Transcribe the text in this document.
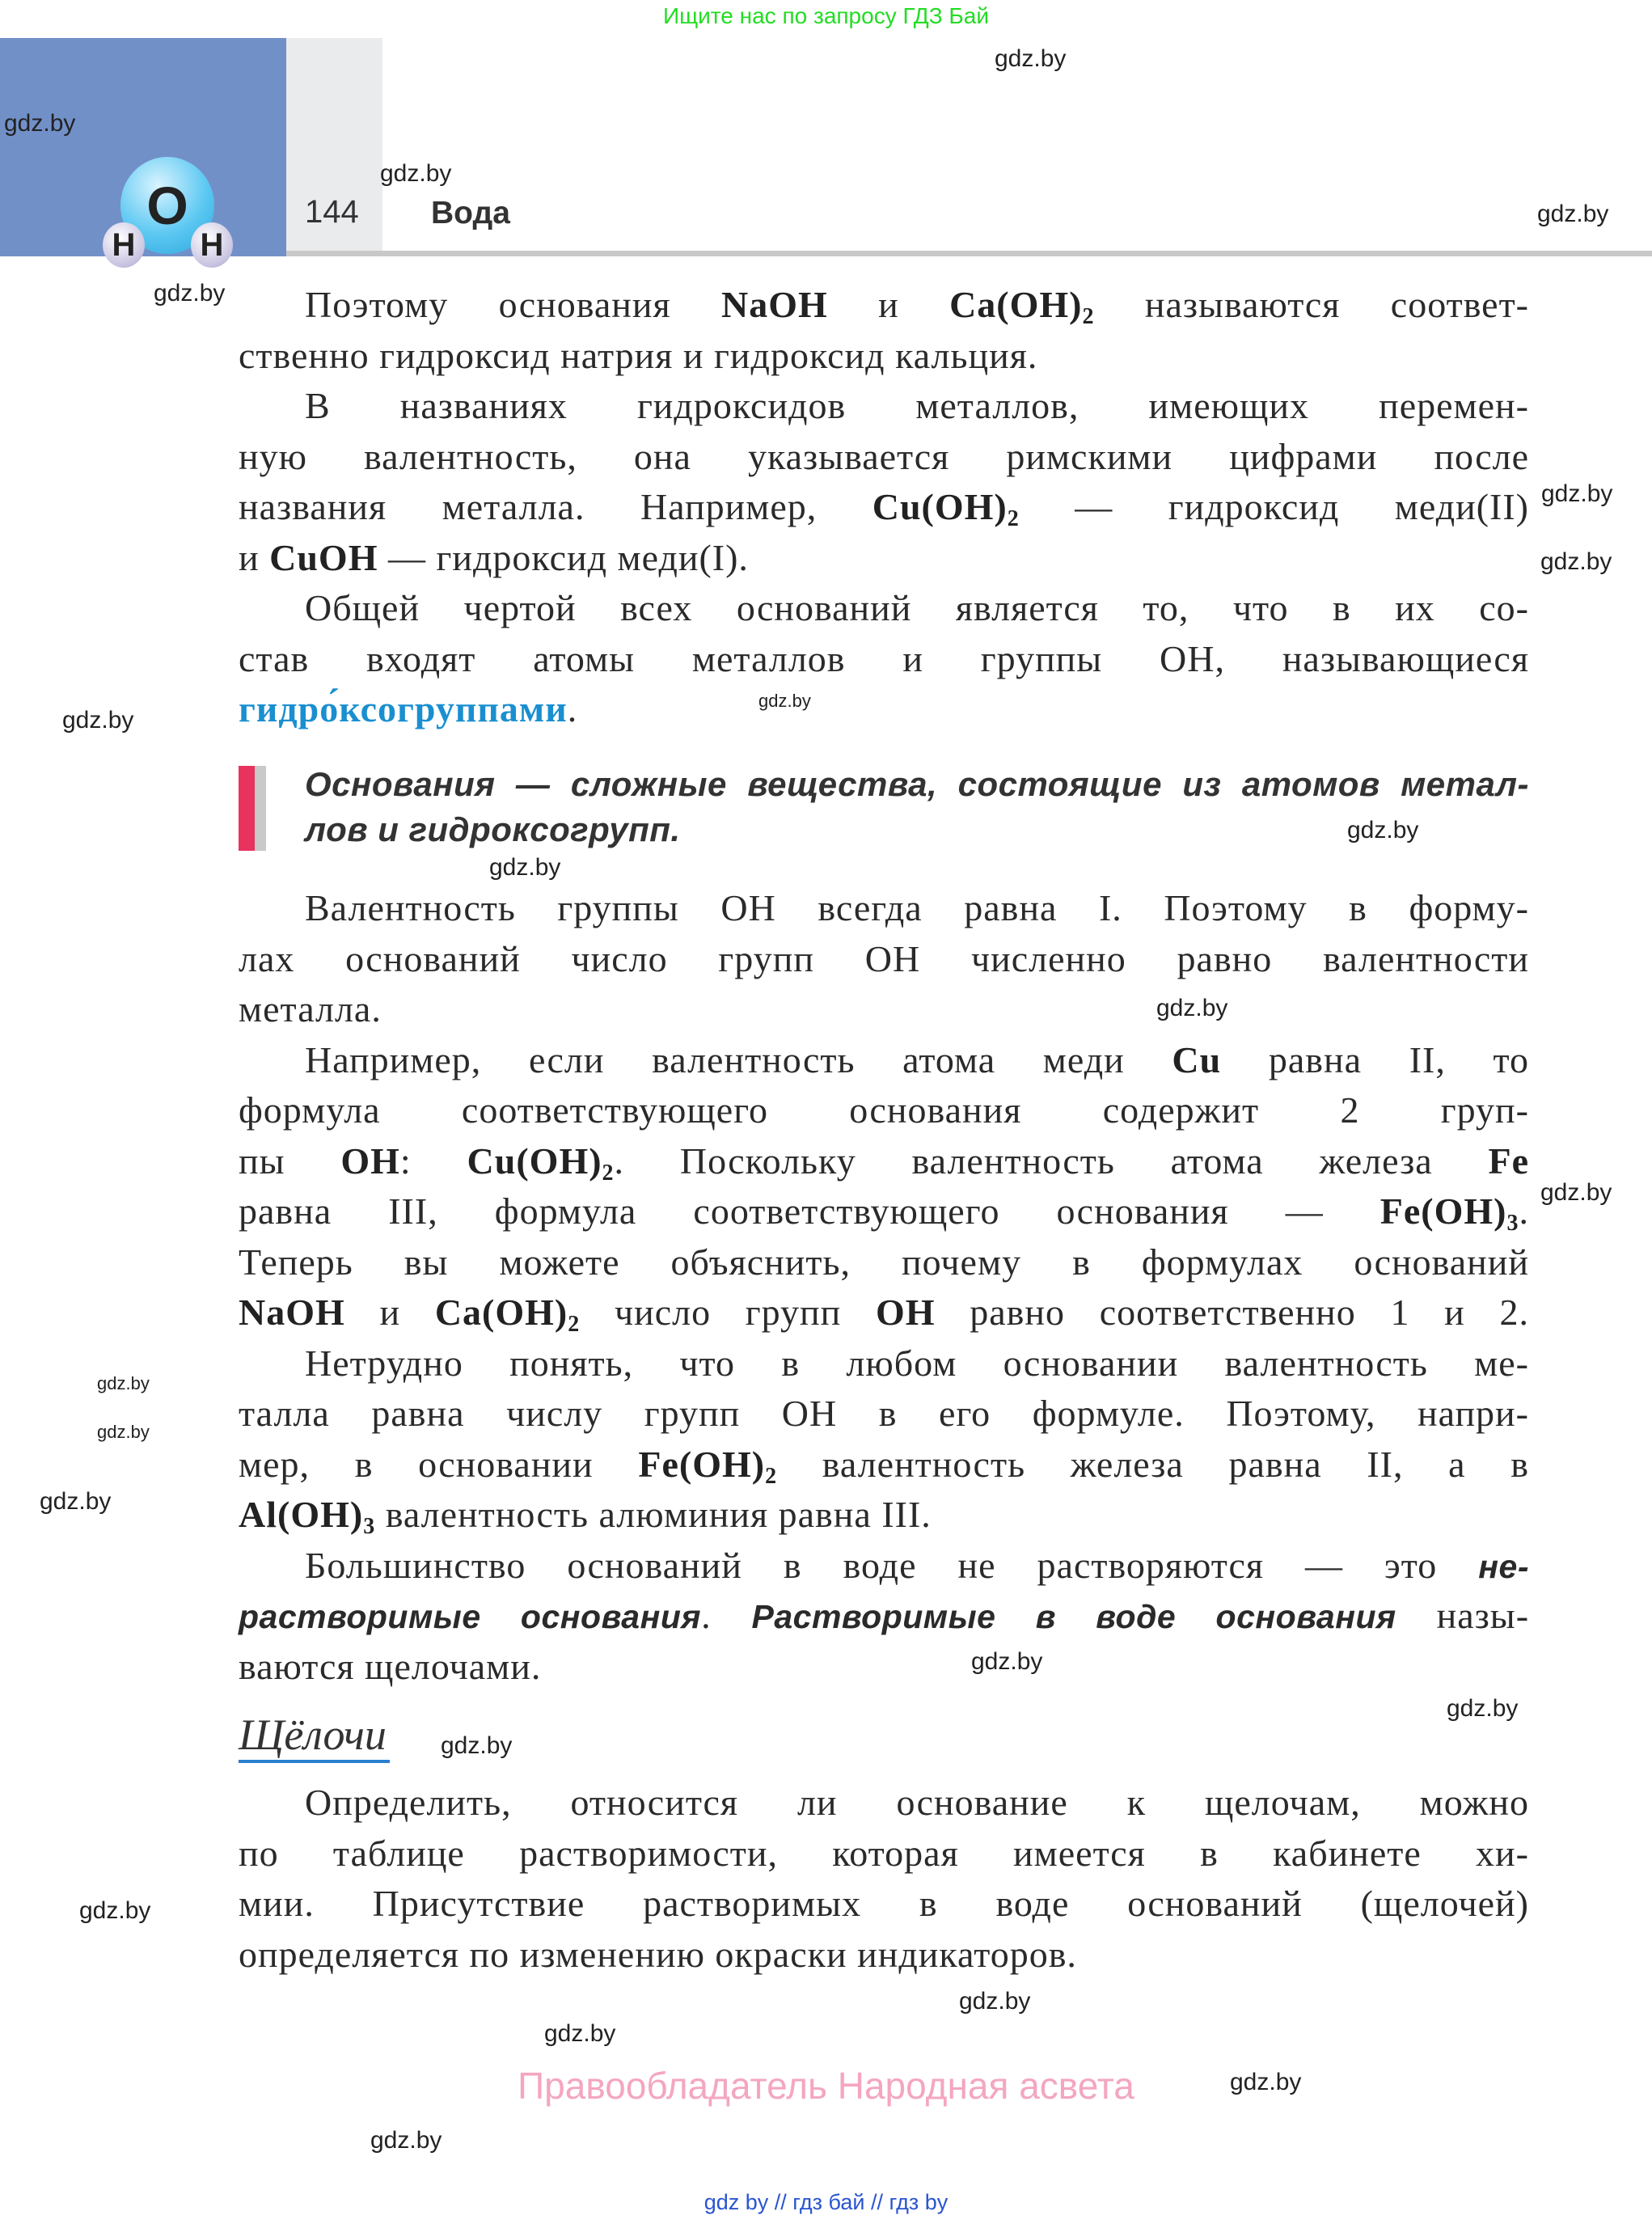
Ищите нас по запросу ГДЗ Бай
O
H H
144 Вода
Поэтому основания NaOH и $Ca(OH)_2$ называются соответ-
ственно гидроксид натрия и гидроксид кальция.
В названиях гидроксидов металлов, имеющих перемен-
ную валентность, она указывается римскими цифрами после
названия металла. Например, $Cu(OH)_2$ — гидроксид меди(II)
и CuOH — гидроксид меди(I).
Общей чертой всех оснований является то, что в их со-
став входят атомы металлов и группы OH, называющиеся
гидро́ксогруппами.
Основания — сложные вещества, состоящие из атомов метал-
лов и гидроксогрупп.
Валентность группы OH всегда равна I. Поэтому в форму-
лах оснований число групп OH численно равно валентности
металла.
Например, если валентность атома меди Cu равна II, то
формула соответствующего основания содержит 2 груп-
пы OH: $Cu(OH)_2$. Поскольку валентность атома железа Fe
равна III, формула соответствующего основания — $Fe(OH)_3$.
Теперь вы можете объяснить, почему в формулах оснований
NaOH и $Ca(OH)_2$ число групп OH равно соответственно 1 и 2.
Нетрудно понять, что в любом основании валентность ме-
талла равна числу групп OH в его формуле. Поэтому, напри-
мер, в основании $Fe(OH)_2$ валентность железа равна II, а в
$Al(OH)_3$ валентность алюминия равна III.
Большинство оснований в воде не растворяются — это не-
растворимые основания. Растворимые в воде основания назы-
ваются щелочами.
Щёлочи
Определить, относится ли основание к щелочам, можно
по таблице растворимости, которая имеется в кабинете хи-
мии. Присутствие растворимых в воде оснований (щелочей)
определяется по изменению окраски индикаторов.
Правообладатель Народная асвета
gdz by // гдз бай // гдз by
gdz.by
gdz.by
gdz.by
gdz.by
gdz.by
gdz.by
gdz.by
gdz.by
gdz.by
gdz.by
gdz.by
gdz.by
gdz.by
gdz.by
gdz.by
gdz.by
gdz.by
gdz.by
gdz.by
gdz.by
gdz.by
gdz.by
gdz.by
gdz.by
